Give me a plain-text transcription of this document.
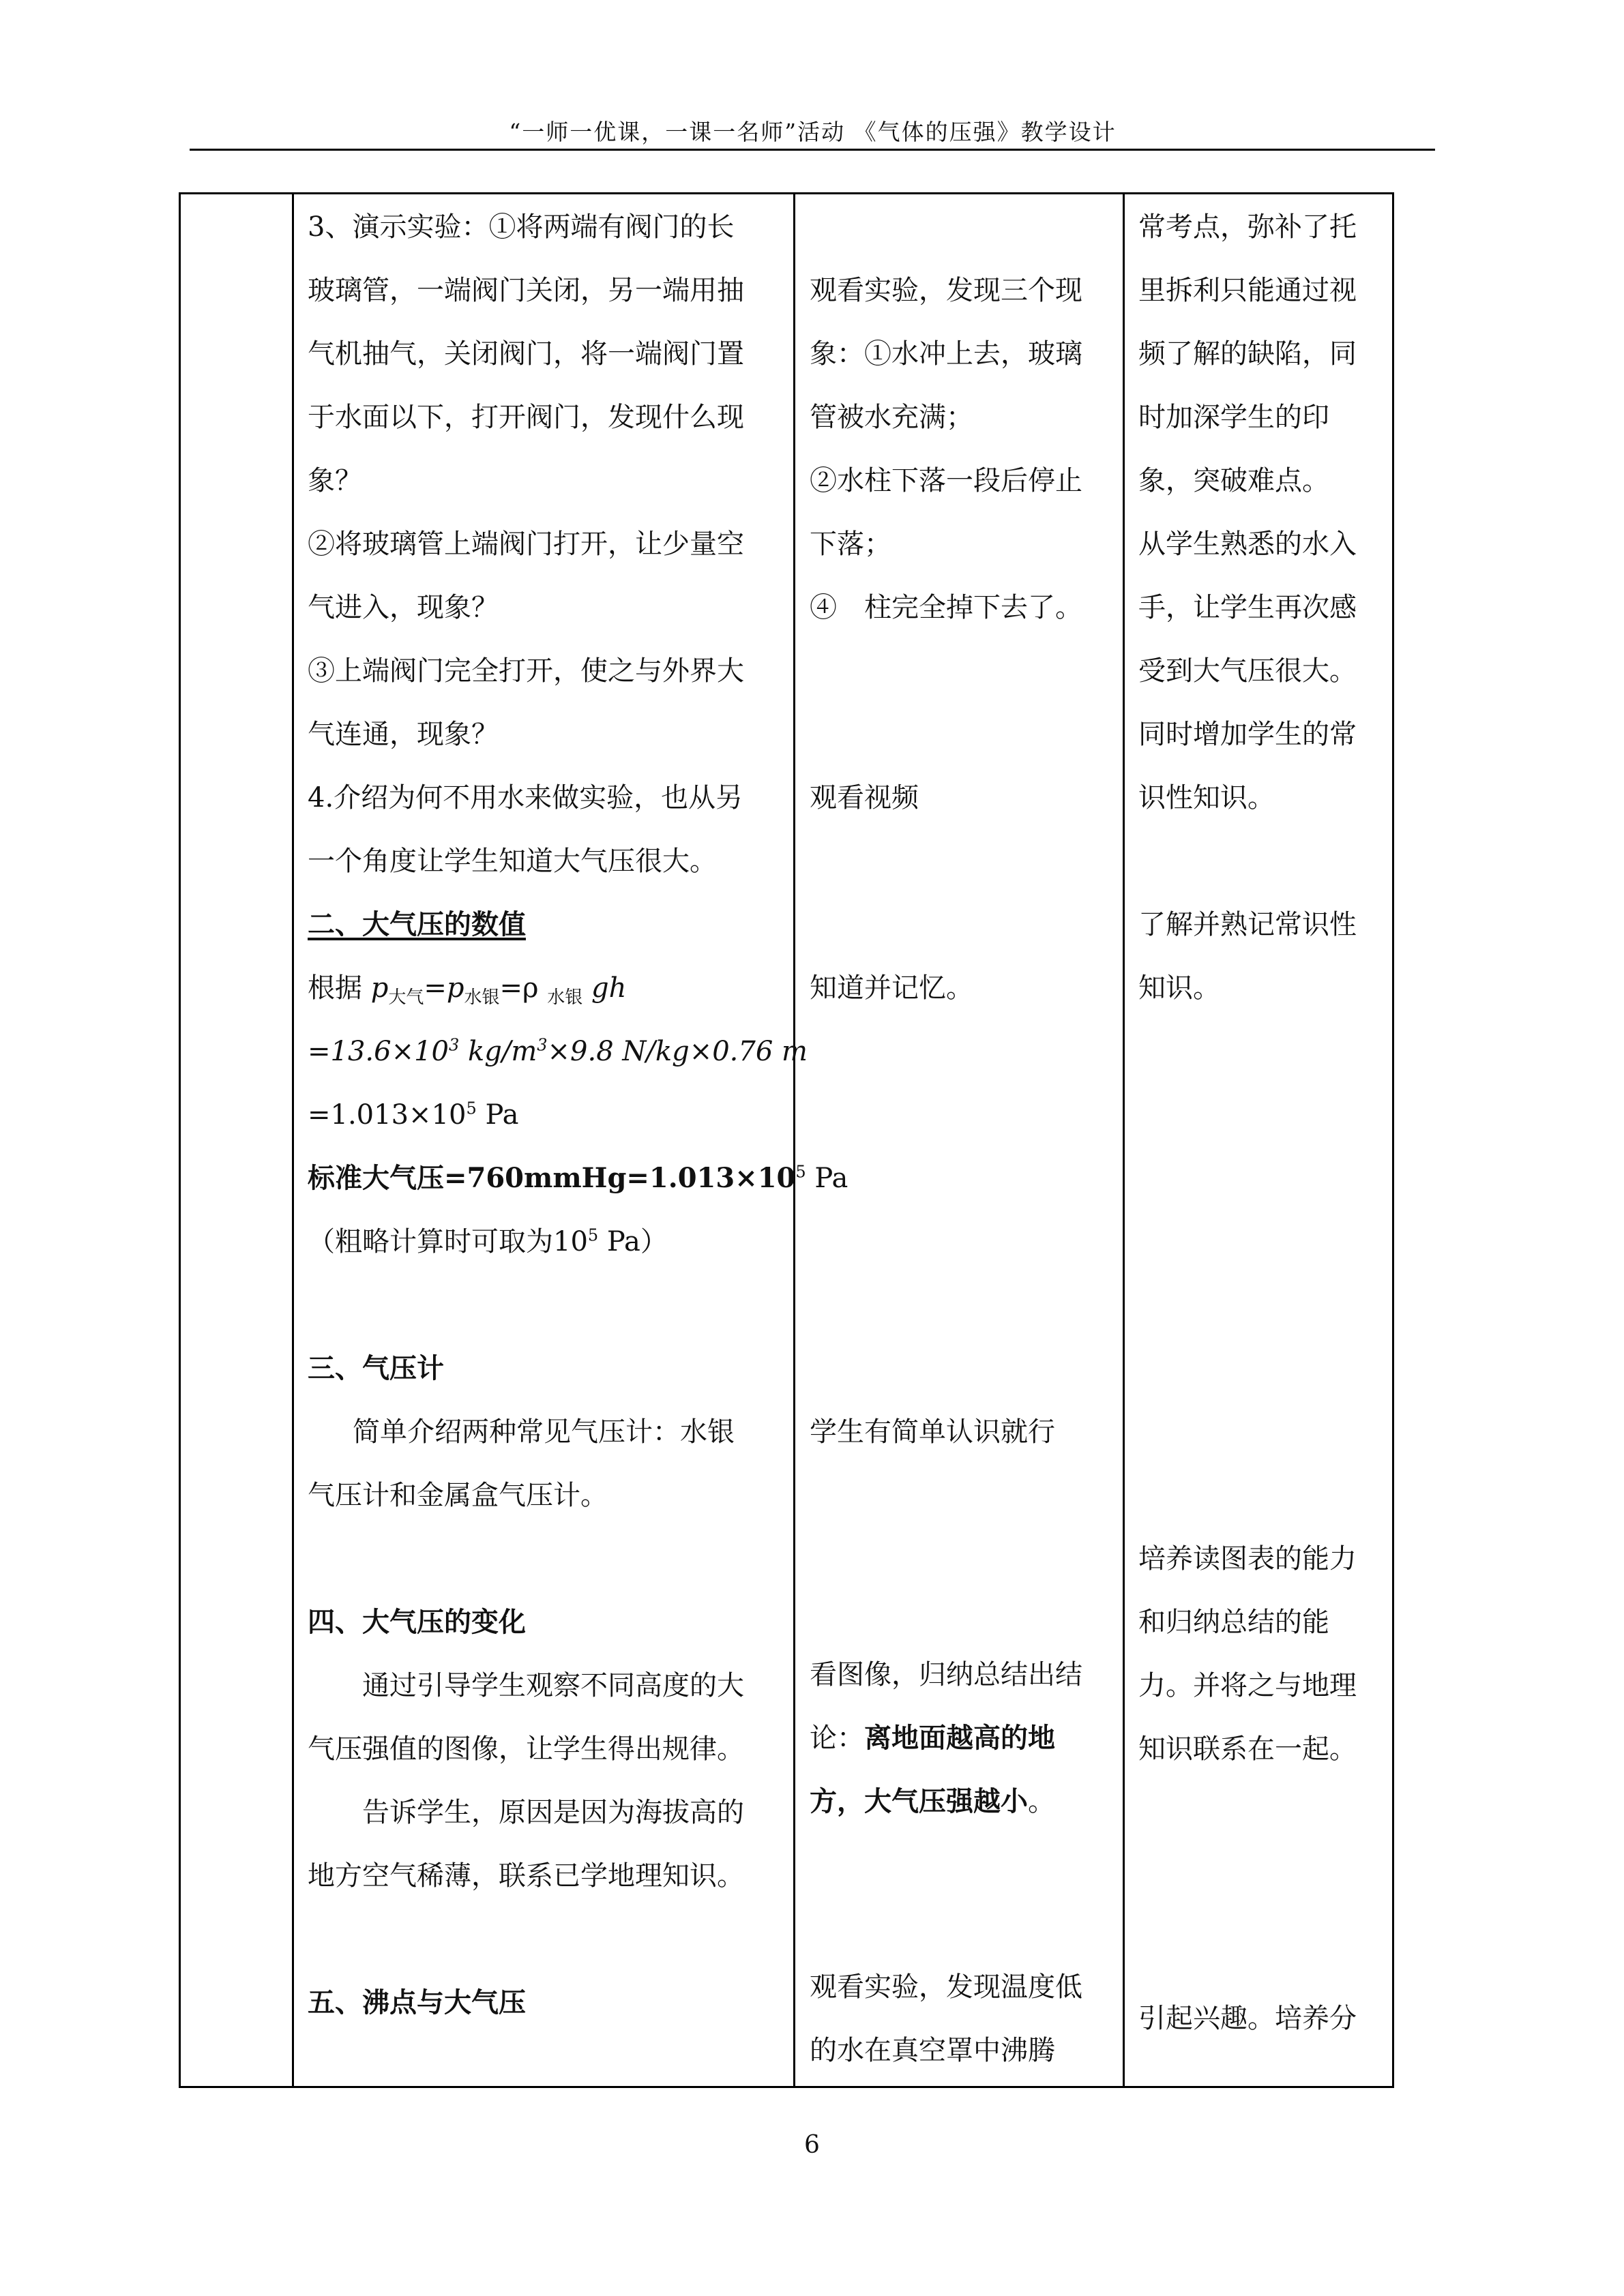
“一师一优课，一课一名师”活动 《气体的压强》教学设计
3、演示实验：①将两端有阀门的长
玻璃管，一端阀门关闭，另一端用抽
气机抽气，关闭阀门，将一端阀门置
于水面以下，打开阀门，发现什么现
象？
②将玻璃管上端阀门打开，让少量空
气进入，现象？
③上端阀门完全打开，使之与外界大
气连通，现象？
4.介绍为何不用水来做实验，也从另
一个角度让学生知道大气压很大。
二、大气压的数值
根据 $p_{大气}=p_{水银}=\rho$ $_{水银}$ gh
$=13.6\times 10^3$ $kg/m^3\times 9.8$ N/kg×0.76 m
$=1.013\times 10^5$ Pa
标准大气压$=760mmHg=1.013\times 10^5$ Pa
（粗略计算时可取为$10^5$ Pa）
三、气压计
简单介绍两种常见气压计：水银
气压计和金属盒气压计。
四、大气压的变化
通过引导学生观察不同高度的大
气压强值的图像，让学生得出规律。
告诉学生，原因是因为海拔高的
地方空气稀薄，联系已学地理知识。
五、沸点与大气压
观看实验，发现三个现
象：①水冲上去，玻璃
管被水充满；
②水柱下落一段后停止
下落；
④　柱完全掉下去了。
观看视频
知道并记忆。
学生有简单认识就行
看图像，归纳总结出结
论：离地面越高的地
方，大气压强越小。
观看实验，发现温度低
的水在真空罩中沸腾
常考点，弥补了托
里拆利只能通过视
频了解的缺陷，同
时加深学生的印
象，突破难点。
从学生熟悉的水入
手，让学生再次感
受到大气压很大。
同时增加学生的常
识性知识。
了解并熟记常识性
知识。
培养读图表的能力
和归纳总结的能
力。并将之与地理
知识联系在一起。
引起兴趣。培养分
6
